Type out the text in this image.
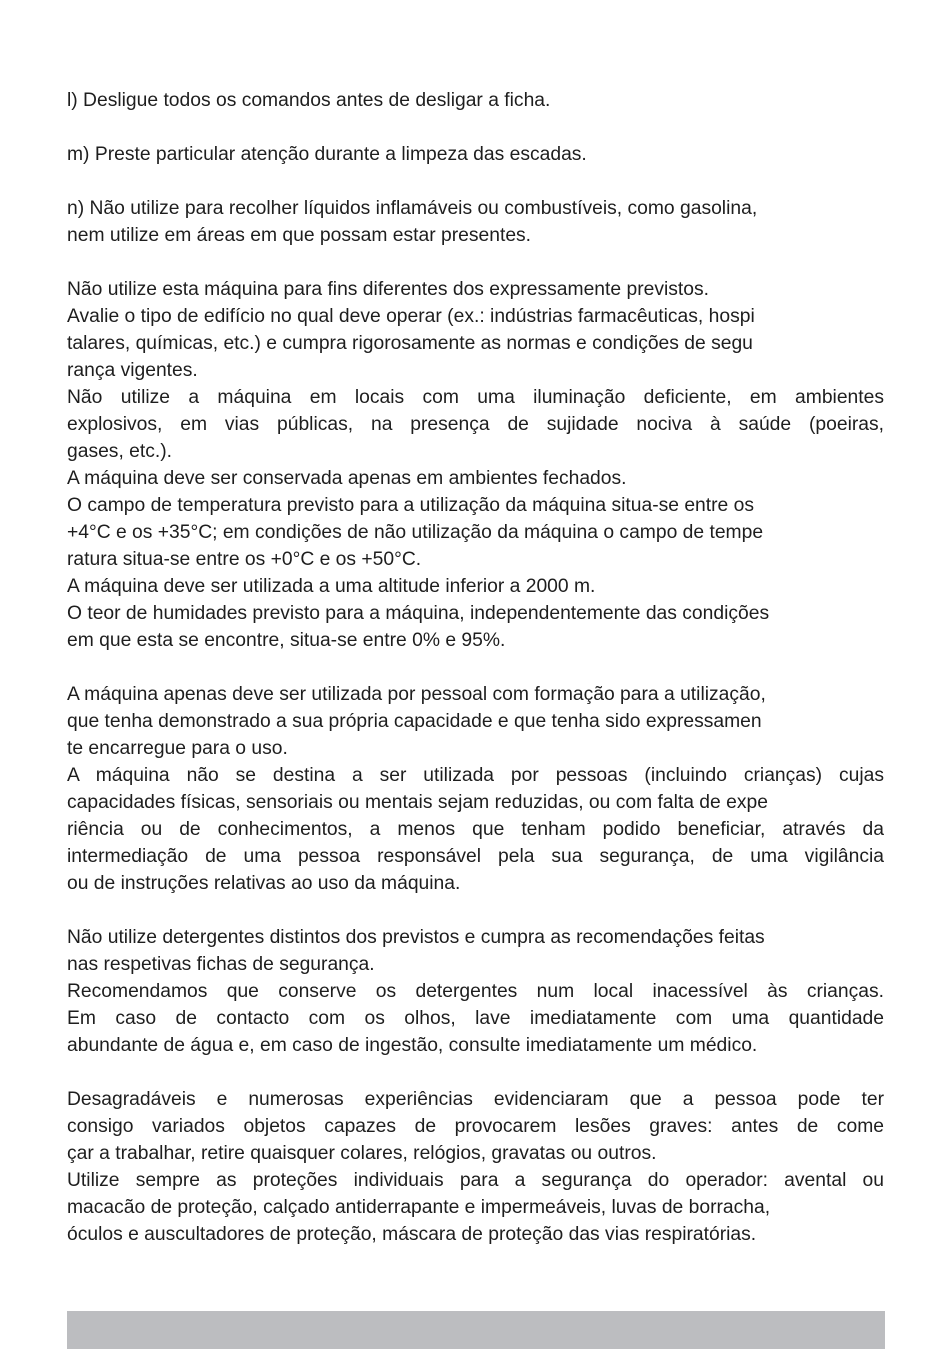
l) Desligue todos os comandos antes de desligar a ficha.
m) Preste particular atenção durante a limpeza das escadas.
n) Não utilize para recolher líquidos inflamáveis ou combustíveis, como gasolina,
nem utilize em áreas em que possam estar presentes.
Não utilize esta máquina para fins diferentes dos expressamente previstos.
Avalie o tipo de edifício no qual deve operar (ex.: indústrias farmacêuticas, hospi
talares, químicas, etc.) e cumpra rigorosamente as normas e condições de segu
rança vigentes.
Não utilize a máquina em locais com uma iluminação deficiente, em ambientes
explosivos, em vias públicas, na presença de sujidade nociva à saúde (poeiras,
gases, etc.).
A máquina deve ser conservada apenas em ambientes fechados.
O campo de temperatura previsto para a utilização da máquina situa-se entre os
+4°C e os +35°C; em condições de não utilização da máquina o campo de tempe
ratura situa-se entre os +0°C e os +50°C.
A máquina deve ser utilizada a uma altitude inferior a 2000 m.
O teor de humidades previsto para a máquina, independentemente das condições
em que esta se encontre, situa-se entre 0% e 95%.
A máquina apenas deve ser utilizada por pessoal com formação para a utilização,
que tenha demonstrado a sua própria capacidade e que tenha sido expressamen
te encarregue para o uso.
A máquina não se destina a ser utilizada por pessoas (incluindo crianças) cujas
capacidades físicas, sensoriais ou mentais sejam reduzidas, ou com falta de expe
riência ou de conhecimentos, a menos que tenham podido beneficiar, através da
intermediação de uma pessoa responsável pela sua segurança, de uma vigilância
ou de instruções relativas ao uso da máquina.
Não utilize detergentes distintos dos previstos e cumpra as recomendações feitas
nas respetivas fichas de segurança.
Recomendamos que conserve os detergentes num local inacessível às crianças.
Em caso de contacto com os olhos, lave imediatamente com uma quantidade
abundante de água e, em caso de ingestão, consulte imediatamente um médico.
Desagradáveis e numerosas experiências evidenciaram que a pessoa pode ter
consigo variados objetos capazes de provocarem lesões graves: antes de come
çar a trabalhar, retire quaisquer colares, relógios, gravatas ou outros.
Utilize sempre as proteções individuais para a segurança do operador: avental ou
macacão de proteção, calçado antiderrapante e impermeáveis, luvas de borracha,
óculos e auscultadores de proteção, máscara de proteção das vias respiratórias.
